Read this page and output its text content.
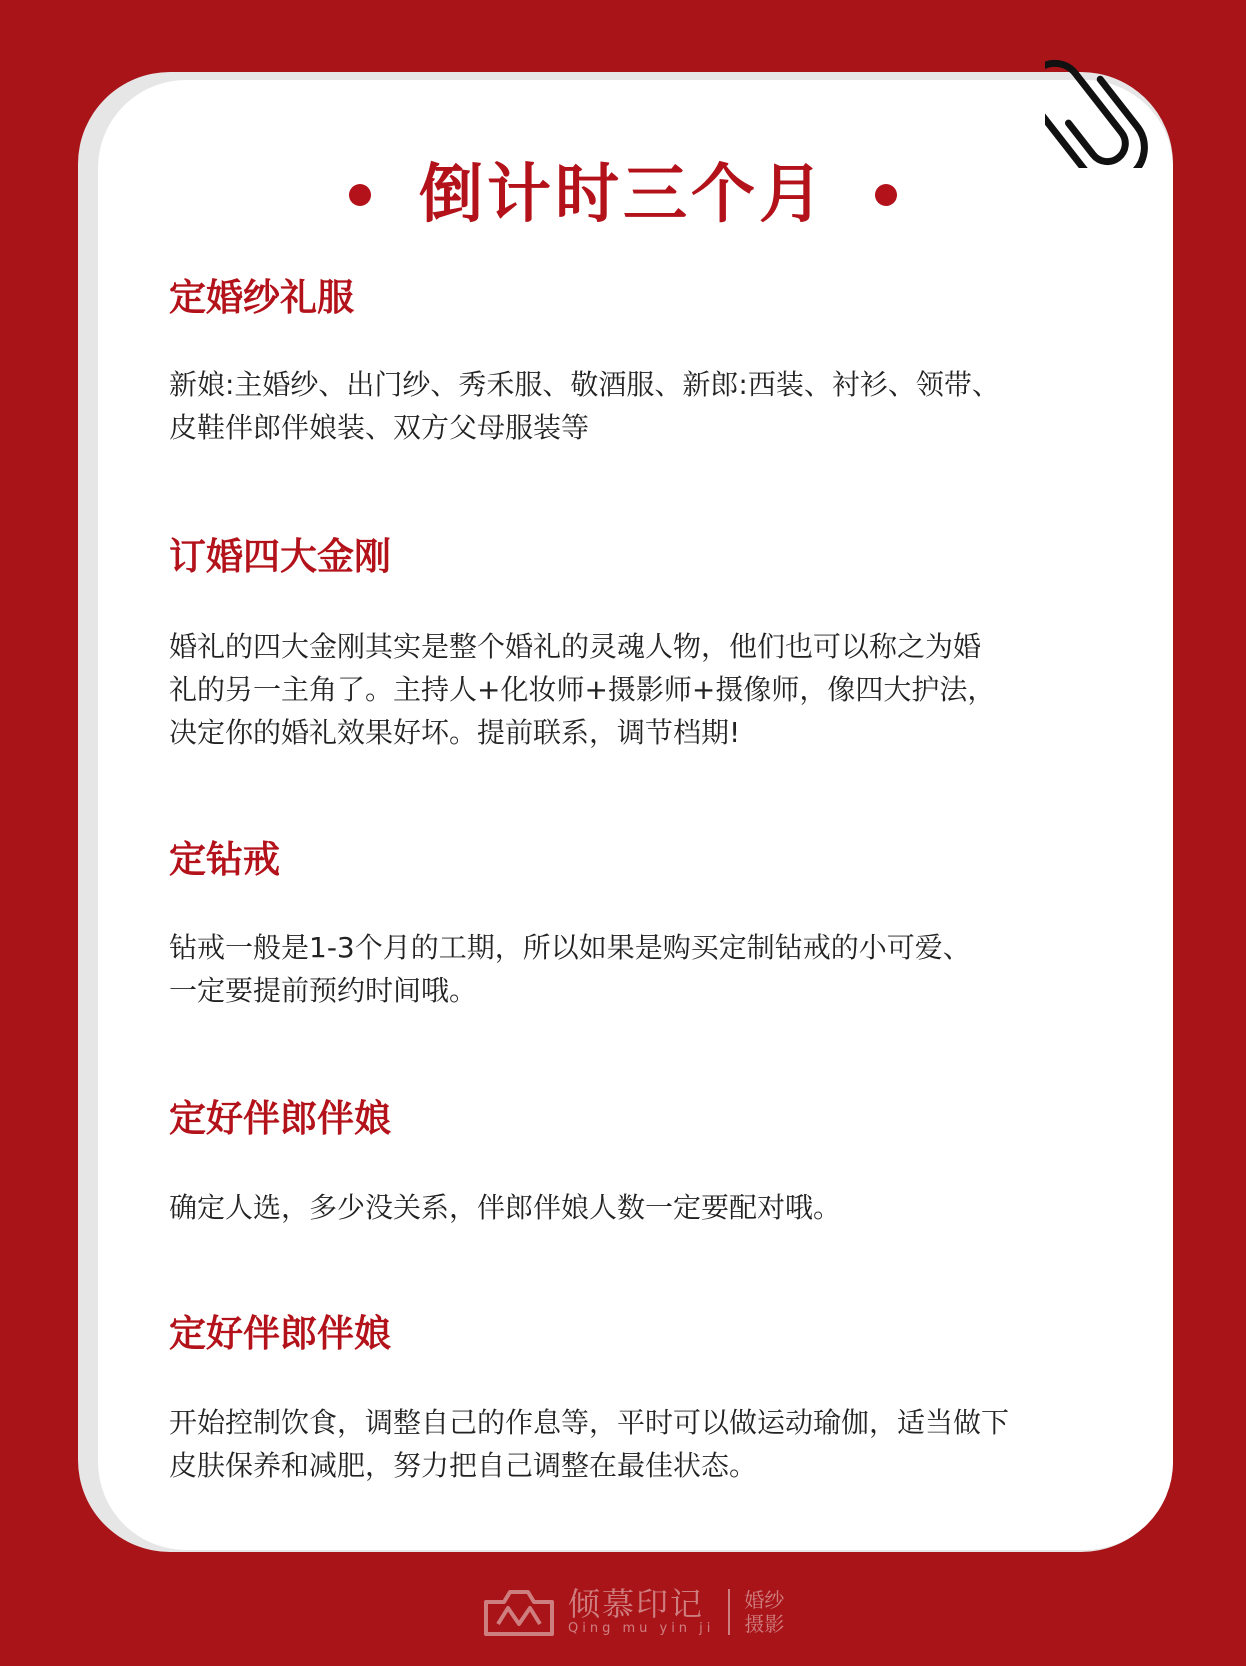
倒计时三个月
定婚纱礼服

新娘:主婚纱、出门纱、秀禾服、敬酒服、新郎:西装、衬衫、领带、
皮鞋伴郎伴娘装、双方父母服装等

订婚四大金刚

婚礼的四大金刚其实是整个婚礼的灵魂人物，他们也可以称之为婚
礼的另一主角了。主持人+化妆师+摄影师+摄像师，像四大护法，
决定你的婚礼效果好坏。提前联系，调节档期!

定钻戒

钻戒一般是1-3个月的工期，所以如果是购买定制钻戒的小可爱、
一定要提前预约时间哦。

定好伴郎伴娘

确定人选，多少没关系，伴郎伴娘人数一定要配对哦。

定好伴郎伴娘

开始控制饮食，调整自己的作息等，平时可以做运动瑜伽，适当做下
皮肤保养和减肥，努力把自己调整在最佳状态。

倾慕印记
Qing mu yin ji
婚纱
摄影
